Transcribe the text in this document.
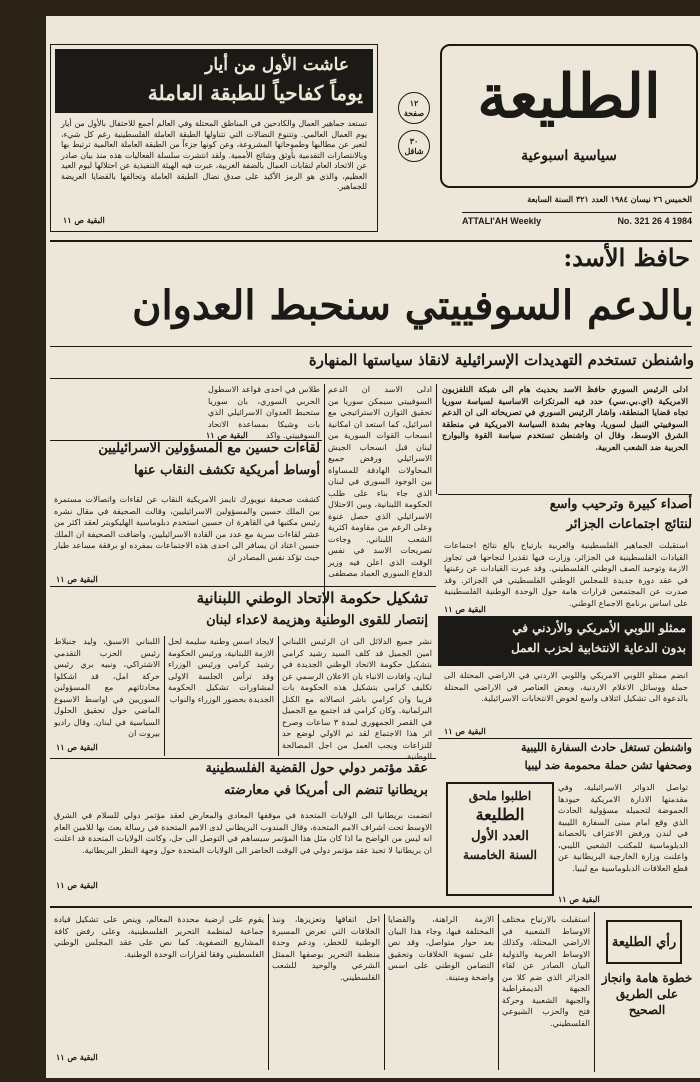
الطليعة
سياسية اسبوعية
الخميس ٢٦ نيسان ١٩٨٤ العدد ٣٢١ السنة السابعة
ATTALI'AH Weekly	No. 321 26 4 1984
١٢ صفحة
٣٠ شاقل
عاشت الأول من أيار
يوماً كفاحياً للطبقة العاملة
تستعد جماهير العمال والكادحين في المناطق المحتلة وفي العالم أجمع للاحتفال بالأول من أيار يوم العمال العالمي. وتتنوع النضالات التي تتناولها الطبقة العاملة الفلسطينية رغم كل شيء، لتعبر عن مطالبها وطموحاتها المشروعة، وعن كونها جزءاً من الطبقة العاملة العالمية ترتبط بها وبالانتصارات التقدمية بأوثق وشائج الأممية. ولقد انتشرت سلسلة الفعاليات هذه منذ بيان صادر عن الاتحاد العام لنقابات العمال بالضفة الغربية، عبرت فيه الهيئة التنفيذية عن احتلالها ليوم العيد العظيم، والذي هو الرمز الأكيد على صدق نضال الطبقة العاملة وتحالفها بالقضايا العريضة للجماهير.
البقية ص ١١
حافظ الأسد:
بالدعم السوفييتي سنحبط العدوان
واشنطن تستخدم التهديدات الإسرائيلية لانقاذ سياستها المنهارة
ادلى الرئيس السوري حافظ الاسد بحديث هام الى شبكة التلفزيون الامريكية (اي.بي.سي) حدد فيه المرتكزات الاساسية لسياسة سوريا تجاه قضايا المنطقة، واشار الرئيس السوري في تصريحاته الى ان الدعم السوفييتي النبيل لسوريا، وهاجم بشدة السياسة الامريكية في منطقة الشرق الاوسط، وقال ان واشنطن تستخدم سياسة القوة والبوارج الحربية ضد الشعب العربية.
ادلى الاسد ان الدعم السوفييتي سيمكن سوريا من تحقيق التوازن الاستراتيجي مع اسرائيل، كما استعد ان امكانية انسحاب القوات السورية من لبنان قبل انسحاب الجيش الاسرائيلي ورفض جميع المحاولات الهادفة للمساواة بين الوجود السوري في لبنان الذي جاء بناء على طلب الحكومة اللبنانية، وبين الاحتلال الاسرائيلي الذي حصل عنوة وعلى الرغم من مقاومة اكثرية الشعب اللبناني. وجاءت تصريحات الاسد في نفس الوقت الذي اعلن فيه وزير الدفاع السوري العماد مصطفى
طلاس في احدى قواعد الاسطول الحربي السوري، بان سوريا ستحبط العدوان الاسرائيلي الذي بات وشيكا بمساعدة الاتحاد السوفييتي. واكد
البقية ص ١١
لقاءات حسين مع المسؤولين الاسرائيليين
أوساط أمريكية تكشف النقاب عنها
كشفت صحيفة نيويورك تايمز الامريكية النقاب عن لقاءات واتصالات مستمرة بين الملك حسين والمسؤولين الاسرائيليين، وقالت الصحيفة في مقال نشره رئيس مكتبها في القاهرة ان حسين استخدم دبلوماسية الهليكوبتر لعقد اكثر من عشر لقاءات سرية مع عدد من القادة الاسرائيليين، واضافت الصحيفة ان الملك حسين اعتاد ان يسافر الى احدى هذه الاجتماعات بمفرده او برفقة مساعد طيار حيث تؤكد نفس المصادر ان
البقية ص ١١
أصداء كبيرة وترحيب واسع
لنتائج اجتماعات الجزائر
استقبلت الجماهير الفلسطينية والعربية بارتياح بالغ نتائج اجتماعات القيادات الفلسطينية في الجزائر، وزارت فيها تقديرا لنجاحها في تجاوز الازمة وتوحيد الصف الوطني الفلسطيني. وقد عبرت القيادات عن رغبتها في عقد دورة جديدة للمجلس الوطني الفلسطيني في الجزائر. وقد صدرت عن المجتمعين قرارات هامة حول الوحدة الوطنية الفلسطينية على اساس برنامج الاجماع الوطني.
البقية ص ١١
تشكيل حكومة الاتحاد الوطني اللبنانية
إنتصار للقوى الوطنية وهزيمة لاعداء لبنان
نشر جميع الدلائل الى ان الرئيس اللبناني امين الجميل قد كلف السيد رشيد كرامي بتشكيل حكومة الاتحاد الوطني الجديدة في لبنان، وافادت الانباء بان الاعلان الرسمي عن تكليف كرامي بتشكيل هذه الحكومة بات قريبا وان كرامي باشر اتصالاته مع الكتل البرلمانية. وكان كرامي قد اجتمع مع الجميل في القصر الجمهوري لمدة ٣ ساعات وصرح اثر هذا الاجتماع لقد تم الاولي لوضع حد للنزاعات ويجب العمل من اجل المصالحة الوطنية.
لايجاد اسس وطنية سليمة لحل الازمة اللبنانية، ورئيس الحكومة رشيد كرامي ورئيس الوزراء وقد ترأس الجلسة الاولى لمشاورات تشكيل الحكومة الجديدة بحضور الوزراء والنواب
اللبناني الاسبق، وليد جنبلاط رئيس الحزب التقدمي الاشتراكي، ونبيه بري رئيس حركة امل، قد اشكلوا محادثاتهم مع المسؤولين السوريين في اواسط الاسبوع الماضي حول تحقيق الحلول السياسية في لبنان. وقال راديو بيروت ان
البقية ص ١١
ممثلو اللوبي الأمريكي والأردني في
بدون الدعاية الانتخابية لحزب العمل
انضم ممثلو اللوبي الامريكي واللوبي الاردني في الاراضي المحتلة الى حملة ووسائل الاعلام الاردنية، وبعض العناصر في الاراضي المحتلة بالدعوة الى تشكيل ائتلاف واسع لخوض الانتخابات الاسرائيلية.
البقية ص ١١
عقد مؤتمر دولي حول القضية الفلسطينية
بريطانيا تنضم الى أمريكا في معارضته
انضمت بريطانيا الى الولايات المتحدة في موقفها المعادي والمعارض لعقد مؤتمر دولي للسلام في الشرق الاوسط تحت اشراف الامم المتحدة، وقال المندوب البريطاني لدى الامم المتحدة في رسالة بعث بها للامين العام انه ليس من الواضح ما اذا كان مثل هذا المؤتمر سيساهم في التوصل الى حل، وكانت الولايات المتحدة قد اعلنت ان بريطانيا لا تحبذ عقد مؤتمر دولي في الوقت الحاضر الى الولايات المتحدة حول وجهة النظر البريطانية.
البقية ص ١١
واشنطن تستغل حادث السفارة الليبية
وصحفها تشن حملة محمومة ضد ليبيا
تواصل الدوائر الاسرائيلية، وفي مقدمتها الادارة الامريكية حيودها الحموضة لتحميله مسؤولية الحادث الذي وقع امام مبنى السفارة الليبية في لندن ورفض الاعتراف بالحصانة الدبلوماسية للمكتب الشعبي الليبي، واعلنت وزارة الخارجية البريطانية عن قطع العلاقات الدبلوماسية مع ليبيا.
البقية ص ١١
اطلبوا ملحق
الطليعة
العدد الأول
السنة الخامسة
رأي الطليعة
خطوة هامة وانجاز على الطريق الصحيح
استقبلت بالارتياح مختلف الاوساط الشعبية في الاراضي المحتلة، وكذلك الاوساط العربية والدولية البيان الصادر عن لقاء الجزائر الذي ضم كلا من الجبهة الديمقراطية والجبهة الشعبية وحركة فتح والحزب الشيوعي الفلسطيني.
الازمة الراهنة، والقضايا المختلفة فيها، وجاء هذا البيان بعد حوار متواصل، وقد نص على تسوية الخلافات وتحقيق التضامن الوطني على اسس واضحة ومتينة.
احل اتفاقها وتعزيزها، ونبذ الخلافات التي تعرض المسيرة الوطنية للخطر، ودعم وحدة منظمة التحرير بوصفها الممثل الشرعي والوحيد للشعب الفلسطيني.
يقوم على ارضية محددة المعالم، وينص على تشكيل قيادة جماعية لمنظمة التحرير الفلسطينية، وعلى رفض كافة المشاريع التصفوية. كما نص على عقد المجلس الوطني الفلسطيني وفقا لقرارات الوحدة الوطنية.
البقية ص ١١
